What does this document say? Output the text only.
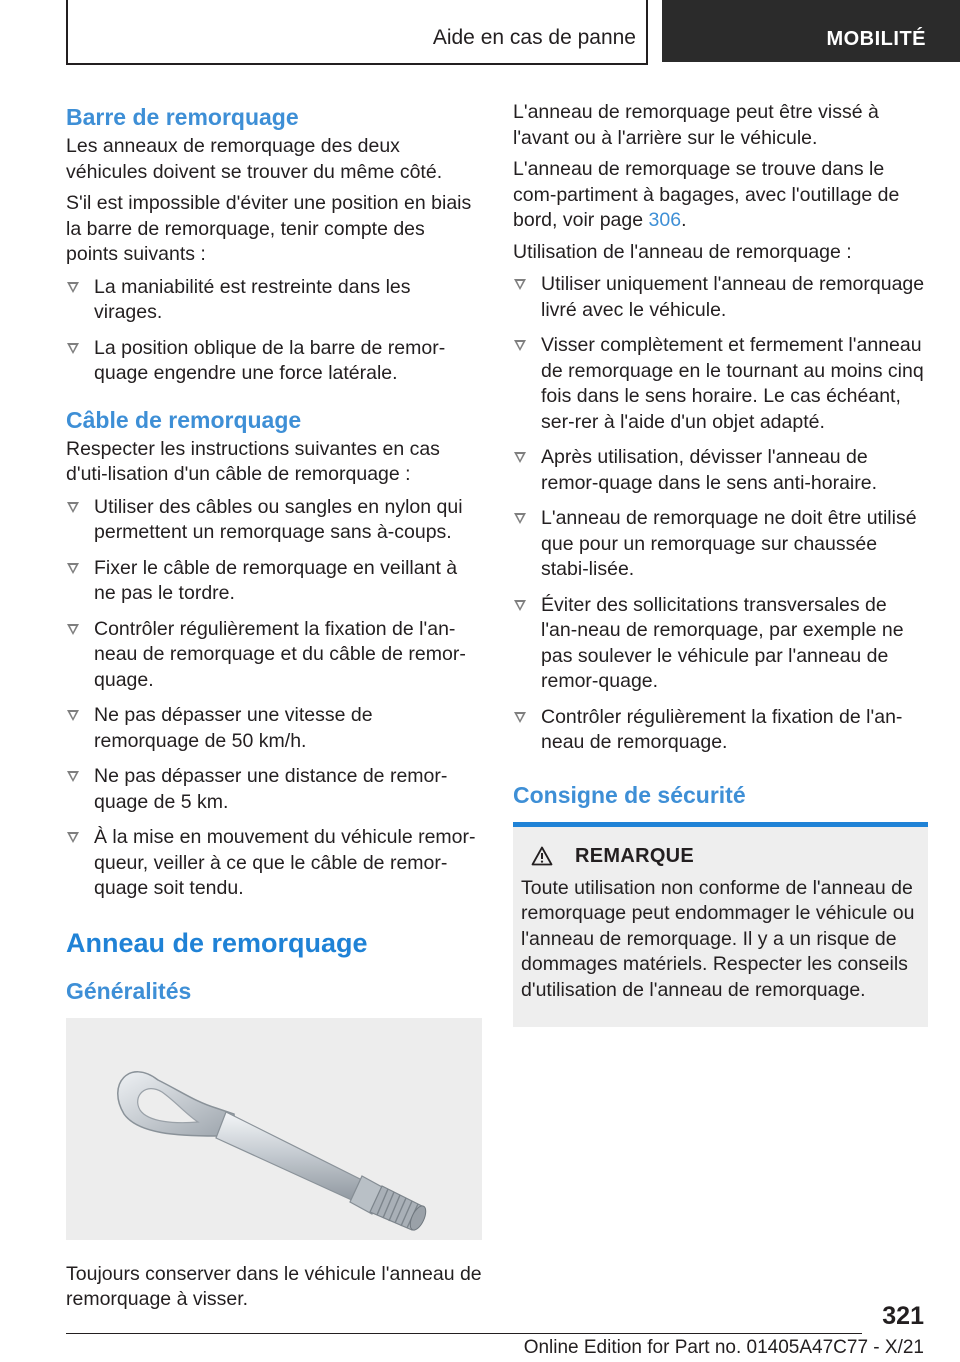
Aide en cas de panne	MOBILITÉ
Barre de remorquage

Les anneaux de remorquage des deux véhicules doivent se trouver du même côté.

S'il est impossible d'éviter une position en biais la barre de remorquage, tenir compte des points suivants :

La maniabilité est restreinte dans les virages.
La position oblique de la barre de remor-quage engendre une force latérale.
Câble de remorquage

Respecter les instructions suivantes en cas d'uti-lisation d'un câble de remorquage :

Utiliser des câbles ou sangles en nylon qui permettent un remorquage sans à-coups.
Fixer le câble de remorquage en veillant à ne pas le tordre.
Contrôler régulièrement la fixation de l'an-neau de remorquage et du câble de remor-quage.
Ne pas dépasser une vitesse de remorquage de 50 km/h.
Ne pas dépasser une distance de remor-quage de 5 km.
À la mise en mouvement du véhicule remor-queur, veiller à ce que le câble de remor-quage soit tendu.
Anneau de remorquage
Généralités

Toujours conserver dans le véhicule l'anneau de remorquage à visser.

L'anneau de remorquage peut être vissé à l'avant ou à l'arrière sur le véhicule.

L'anneau de remorquage se trouve dans le com-partiment à bagages, avec l'outillage de bord, voir page 306.

Utilisation de l'anneau de remorquage :

Utiliser uniquement l'anneau de remorquage livré avec le véhicule.
Visser complètement et fermement l'anneau de remorquage en le tournant au moins cinq fois dans le sens horaire. Le cas échéant, ser-rer à l'aide d'un objet adapté.
Après utilisation, dévisser l'anneau de remor-quage dans le sens anti-horaire.
L'anneau de remorquage ne doit être utilisé que pour un remorquage sur chaussée stabi-lisée.
Éviter des sollicitations transversales de l'an-neau de remorquage, par exemple ne pas soulever le véhicule par l'anneau de remor-quage.
Contrôler régulièrement la fixation de l'an-neau de remorquage.
Consigne de sécurité
REMARQUE

Toute utilisation non conforme de l'anneau de remorquage peut endommager le véhicule ou l'anneau de remorquage. Il y a un risque de dommages matériels. Respecter les conseils d'utilisation de l'anneau de remorquage.

321
Online Edition for Part no. 01405A47C77 - X/21
